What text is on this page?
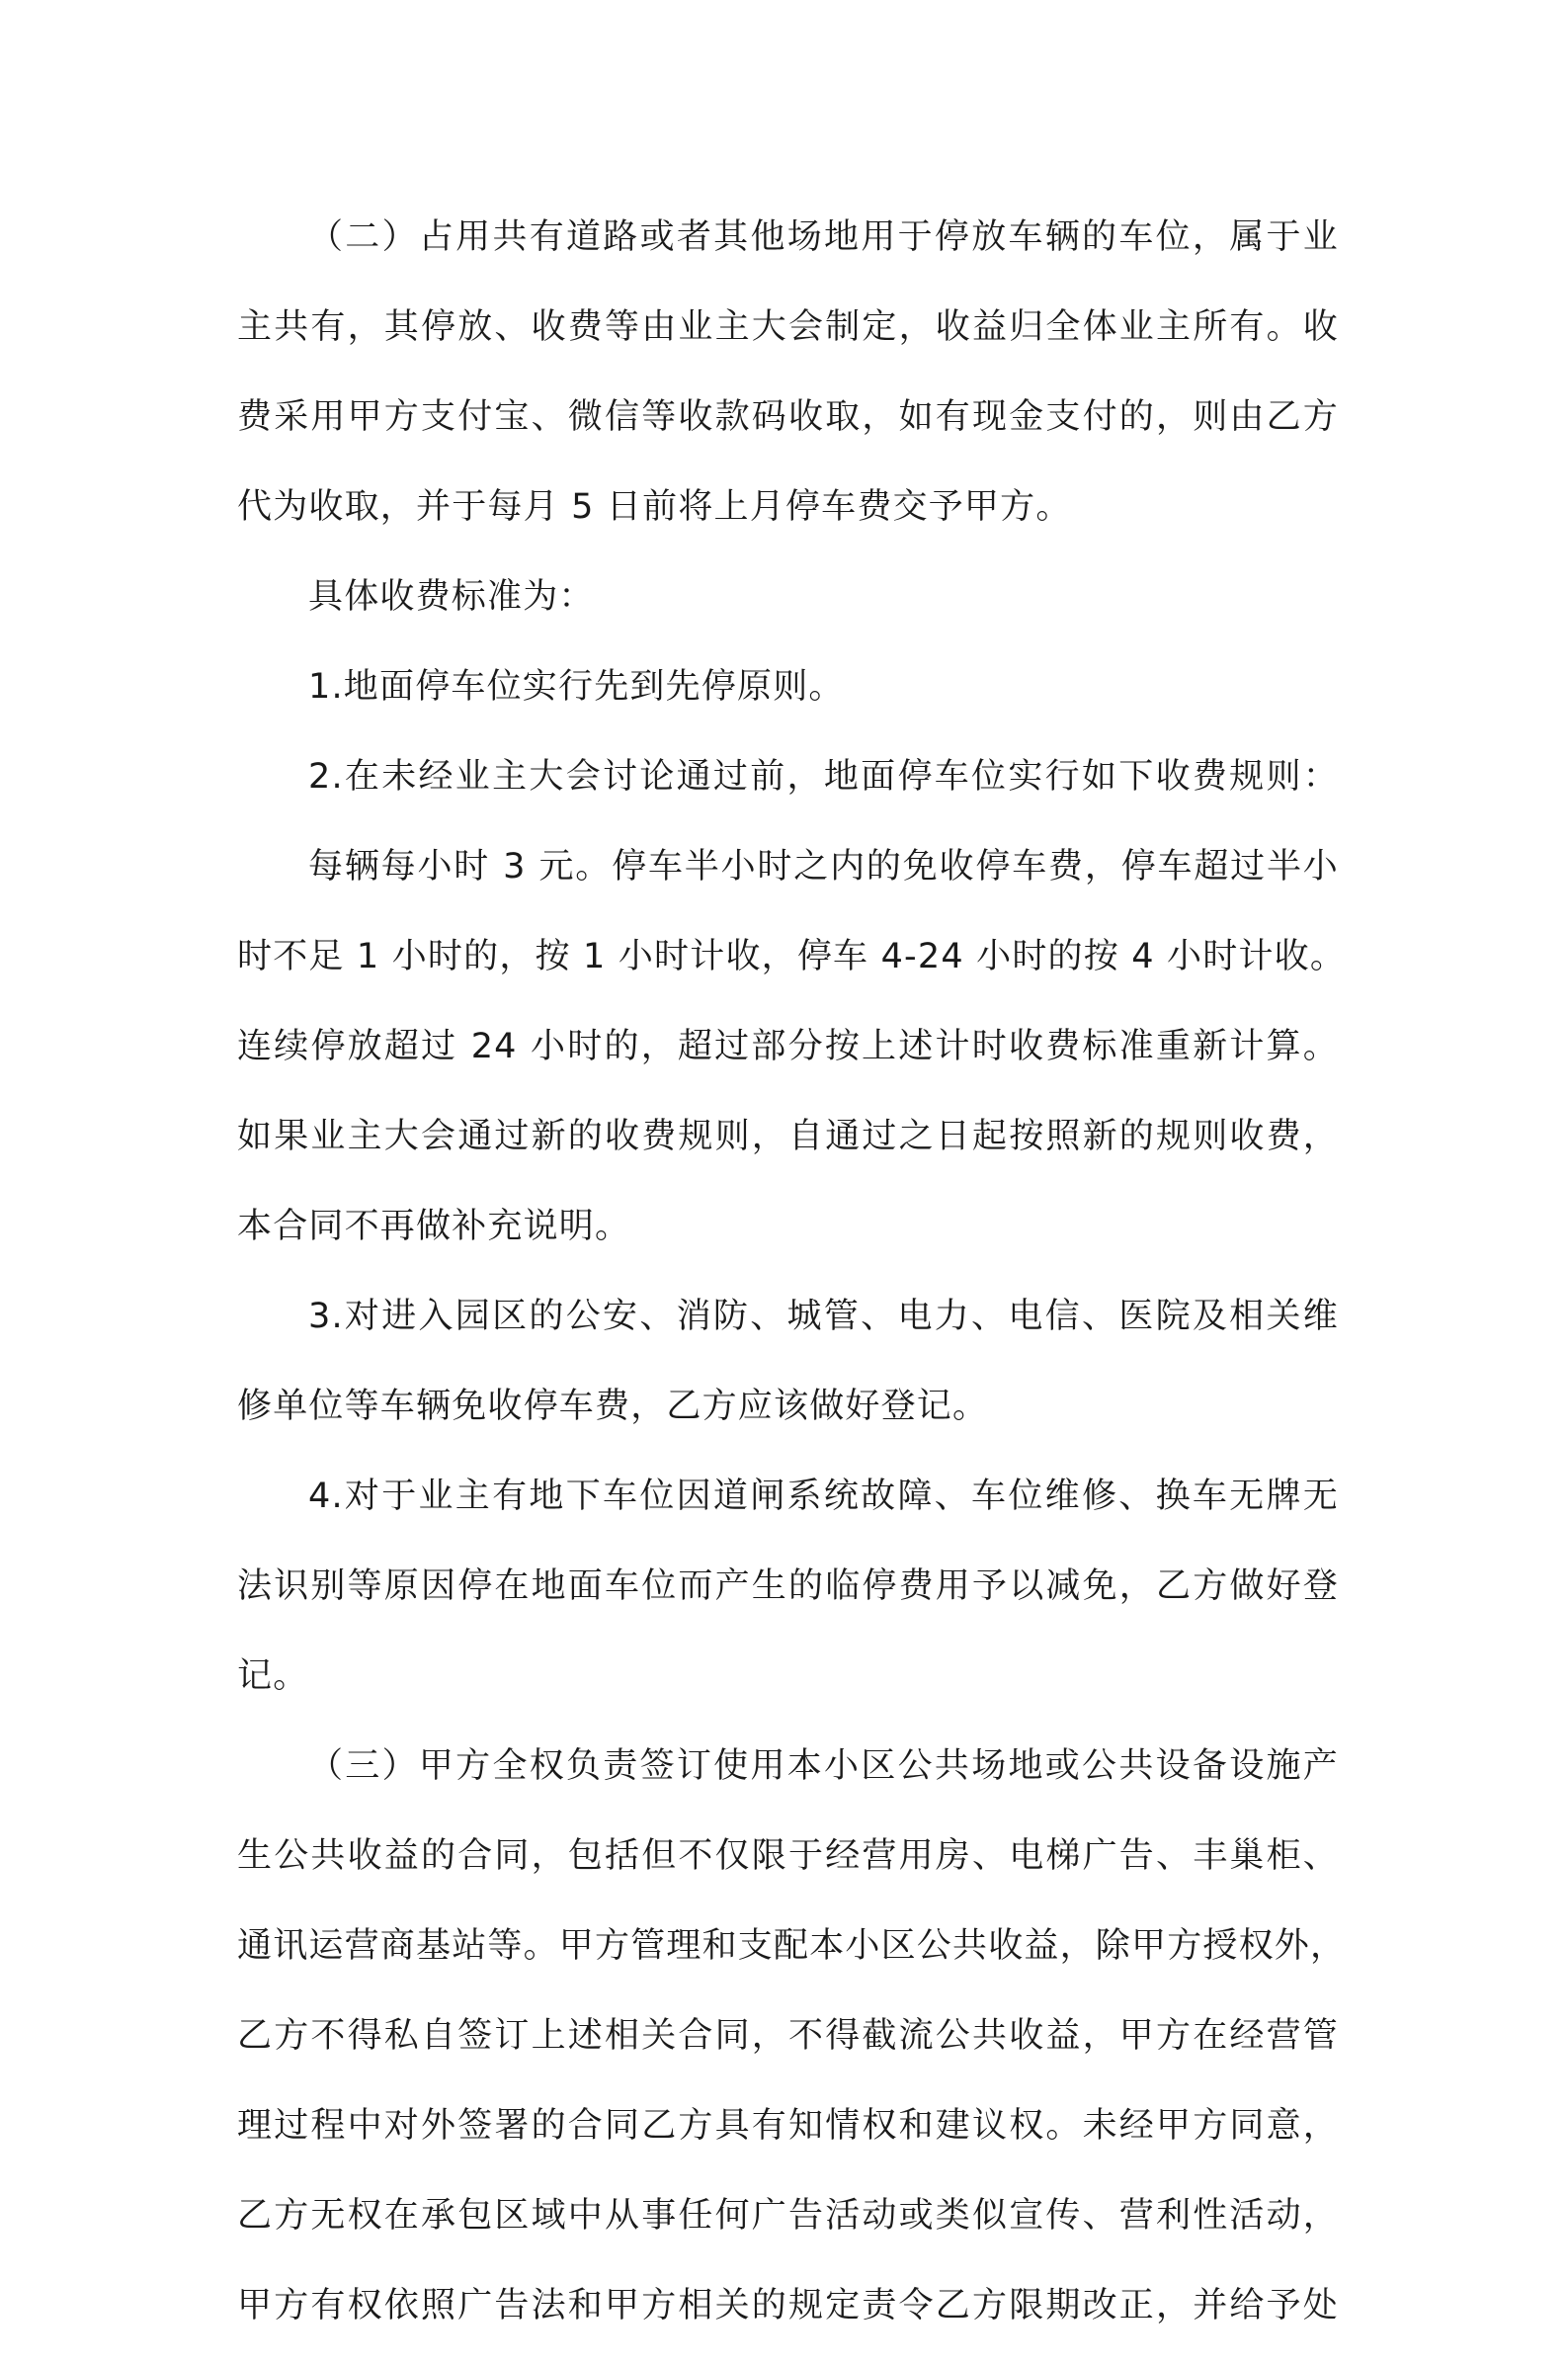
（二）占用共有道路或者其他场地用于停放车辆的车位，属于业
主共有，其停放、收费等由业主大会制定，收益归全体业主所有。收
费采用甲方支付宝、微信等收款码收取，如有现金支付的，则由乙方
代为收取，并于每月 5 日前将上月停车费交予甲方。
具体收费标准为：
1.地面停车位实行先到先停原则。
2.在未经业主大会讨论通过前，地面停车位实行如下收费规则：
每辆每小时 3 元。停车半小时之内的免收停车费，停车超过半小
时不足 1 小时的，按 1 小时计收，停车 4-24 小时的按 4 小时计收。
连续停放超过 24 小时的，超过部分按上述计时收费标准重新计算。
如果业主大会通过新的收费规则，自通过之日起按照新的规则收费，
本合同不再做补充说明。
3.对进入园区的公安、消防、城管、电力、电信、医院及相关维
修单位等车辆免收停车费，乙方应该做好登记。
4.对于业主有地下车位因道闸系统故障、车位维修、换车无牌无
法识别等原因停在地面车位而产生的临停费用予以减免，乙方做好登
记。
（三）甲方全权负责签订使用本小区公共场地或公共设备设施产
生公共收益的合同，包括但不仅限于经营用房、电梯广告、丰巢柜、
通讯运营商基站等。甲方管理和支配本小区公共收益，除甲方授权外，
乙方不得私自签订上述相关合同，不得截流公共收益，甲方在经营管
理过程中对外签署的合同乙方具有知情权和建议权。未经甲方同意，
乙方无权在承包区域中从事任何广告活动或类似宣传、营利性活动，
甲方有权依照广告法和甲方相关的规定责令乙方限期改正，并给予处
